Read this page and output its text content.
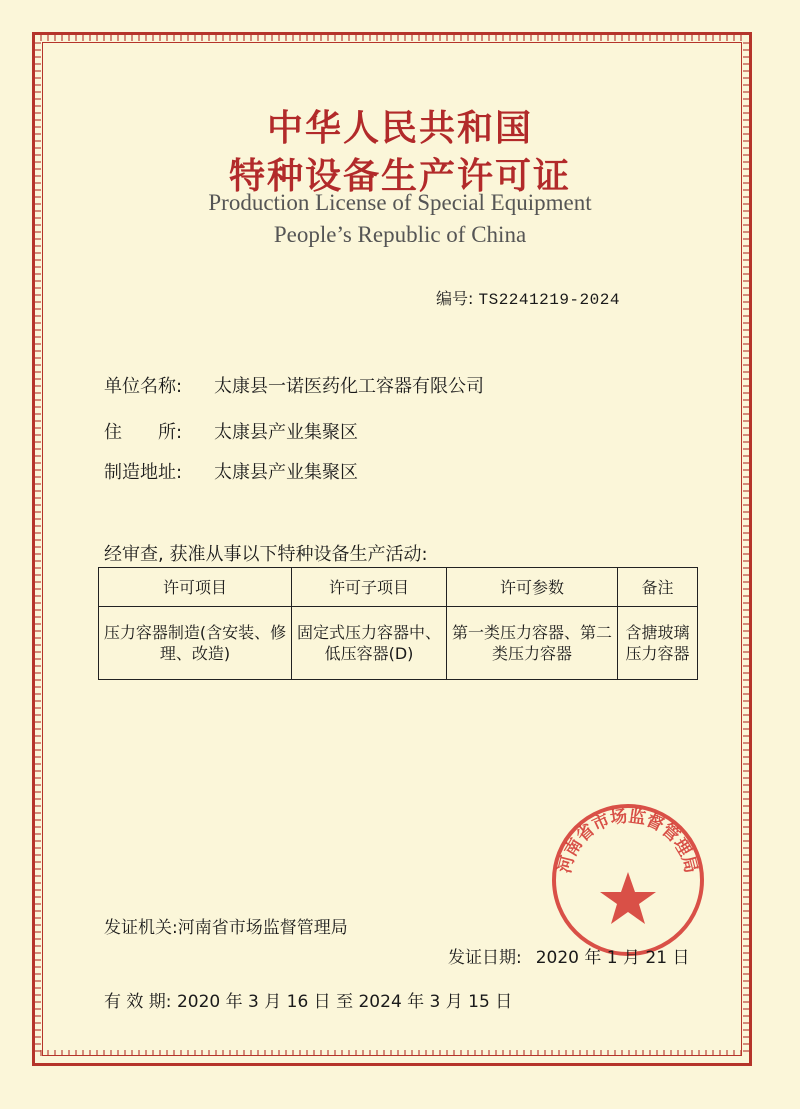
中华人民共和国
特种设备生产许可证
Production License of Special Equipment
People’s Republic of China
编号: TS2241219-2024
单位名称: 太康县一诺医药化工容器有限公司
住　　所: 太康县产业集聚区
制造地址: 太康县产业集聚区
经审查, 获准从事以下特种设备生产活动:
许可项目	许可子项目	许可参数	备注
压力容器制造(含安装、修理、改造)	固定式压力容器中、低压容器(D)	第一类压力容器、第二类压力容器	含搪玻璃压力容器
河南省市场监督管理局
发证机关:河南省市场监督管理局
发证日期: 2020 年 1 月 21 日
有 效 期: 2020 年 3 月 16 日 至 2024 年 3 月 15 日
